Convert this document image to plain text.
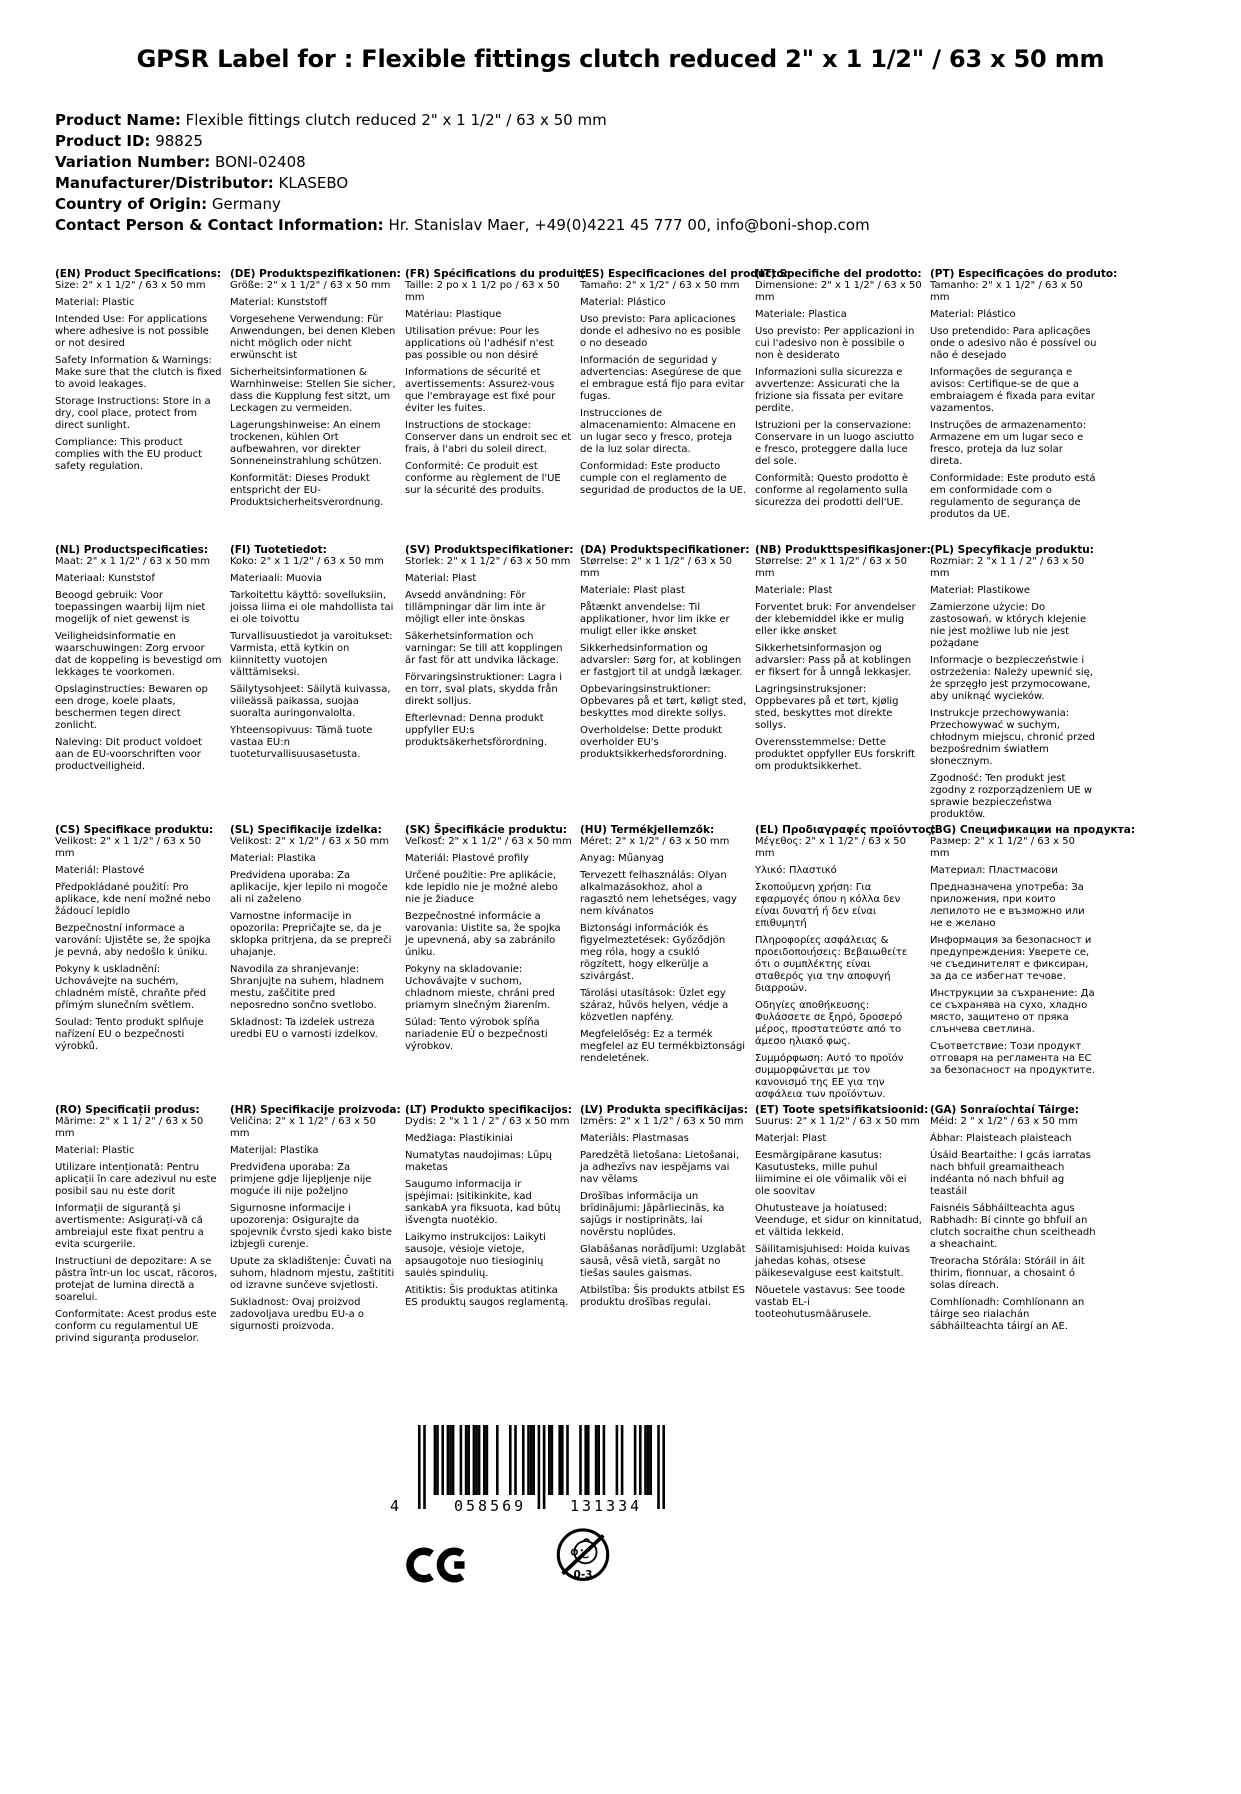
GPSR Label for : Flexible fittings clutch reduced 2" x 1 1/2" / 63 x 50 mm
Product Name: Flexible fittings clutch reduced 2" x 1 1/2" / 63 x 50 mm
Product ID: 98825
Variation Number: BONI-02408
Manufacturer/Distributor: KLASEBO
Country of Origin: Germany
Contact Person & Contact Information: Hr. Stanislav Maer, +49(0)4221 45 777 00, info@boni-shop.com
(EN) Product Specifications:
Size: 2" x 1 1/2" / 63 x 50 mm
Material: Plastic
Intended Use: For applications where adhesive is not possible or not desired
Safety Information & Warnings: Make sure that the clutch is fixed to avoid leakages.
Storage Instructions: Store in a dry, cool place, protect from direct sunlight.
Compliance: This product complies with the EU product safety regulation.
(DE) Produktspezifikationen:
Größe: 2" x 1 1/2" / 63 x 50 mm
Material: Kunststoff
Vorgesehene Verwendung: Für Anwendungen, bei denen Kleben nicht möglich oder nicht erwünscht ist
Sicherheitsinformationen & Warnhinweise: Stellen Sie sicher, dass die Kupplung fest sitzt, um Leckagen zu vermeiden.
Lagerungshinweise: An einem trockenen, kühlen Ort aufbewahren, vor direkter Sonneneinstrahlung schützen.
Konformität: Dieses Produkt entspricht der EU-Produktsicherheitsverordnung.
(FR) Spécifications du produit:
Taille: 2 po x 1 1/2 po / 63 x 50 mm
Matériau: Plastique
Utilisation prévue: Pour les applications où l'adhésif n'est pas possible ou non désiré
Informations de sécurité et avertissements: Assurez-vous que l'embrayage est fixé pour éviter les fuites.
Instructions de stockage: Conserver dans un endroit sec et frais, à l'abri du soleil direct.
Conformité: Ce produit est conforme au règlement de l'UE sur la sécurité des produits.
(ES) Especificaciones del producto:
Tamaño: 2" x 1/2" / 63 x 50 mm
Material: Plástico
Uso previsto: Para aplicaciones donde el adhesivo no es posible o no deseado
Información de seguridad y advertencias: Asegúrese de que el embrague está fijo para evitar fugas.
Instrucciones de almacenamiento: Almacene en un lugar seco y fresco, proteja de la luz solar directa.
Conformidad: Este producto cumple con el reglamento de seguridad de productos de la UE.
(IT) Specifiche del prodotto:
Dimensione: 2" x 1 1/2" / 63 x 50 mm
Materiale: Plastica
Uso previsto: Per applicazioni in cui l'adesivo non è possibile o non è desiderato
Informazioni sulla sicurezza e avvertenze: Assicurati che la frizione sia fissata per evitare perdite.
Istruzioni per la conservazione: Conservare in un luogo asciutto e fresco, proteggere dalla luce del sole.
Conformità: Questo prodotto è conforme al regolamento sulla sicurezza dei prodotti dell'UE.
(PT) Especificações do produto:
Tamanho: 2" x 1 1/2" / 63 x 50 mm
Material: Plástico
Uso pretendido: Para aplicações onde o adesivo não é possível ou não é desejado
Informações de segurança e avisos: Certifique-se de que a embraiagem é fixada para evitar vazamentos.
Instruções de armazenamento: Armazene em um lugar seco e fresco, proteja da luz solar direta.
Conformidade: Este produto está em conformidade com o regulamento de segurança de produtos da UE.
(NL) Productspecificaties:
Maat: 2" x 1 1/2" / 63 x 50 mm
Materiaal: Kunststof
Beoogd gebruik: Voor toepassingen waarbij lijm niet mogelijk of niet gewenst is
Veiligheidsinformatie en waarschuwingen: Zorg ervoor dat de koppeling is bevestigd om lekkages te voorkomen.
Opslaginstructies: Bewaren op een droge, koele plaats, beschermen tegen direct zonlicht.
Naleving: Dit product voldoet aan de EU-voorschriften voor productveiligheid.
(FI) Tuotetiedot:
Koko: 2" x 1 1/2" / 63 x 50 mm
Materiaali: Muovia
Tarkoitettu käyttö: sovelluksiin, joissa liima ei ole mahdollista tai ei ole toivottu
Turvallisuustiedot ja varoitukset: Varmista, että kytkin on kiinnitetty vuotojen välttämiseksi.
Säilytysohjeet: Säilytä kuivassa, viileässä paikassa, suojaa suoralta auringonvalolta.
Yhteensopivuus: Tämä tuote vastaa EU:n tuoteturvallisuusasetusta.
(SV) Produktspecifikationer:
Storlek: 2" x 1 1/2" / 63 x 50 mm
Material: Plast
Avsedd användning: För tillämpningar där lim inte är möjligt eller inte önskas
Säkerhetsinformation och varningar: Se till att kopplingen är fast för att undvika läckage.
Förvaringsinstruktioner: Lagra i en torr, sval plats, skydda från direkt solljus.
Efterlevnad: Denna produkt uppfyller EU:s produktsäkerhetsförordning.
(DA) Produktspecifikationer:
Størrelse: 2" x 1 1/2" / 63 x 50 mm
Materiale: Plast plast
Påtænkt anvendelse: Til applikationer, hvor lim ikke er muligt eller ikke ønsket
Sikkerhedsinformation og advarsler: Sørg for, at koblingen er fastgjort til at undgå lækager.
Opbevaringsinstruktioner: Opbevares på et tørt, køligt sted, beskyttes mod direkte sollys.
Overholdelse: Dette produkt overholder EU's produktsikkerhedsforordning.
(NB) Produkttspesifikasjoner:
Størrelse: 2" x 1 1/2" / 63 x 50 mm
Materiale: Plast
Forventet bruk: For anvendelser der klebemiddel ikke er mulig eller ikke ønsket
Sikkerhetsinformasjon og advarsler: Pass på at koblingen er fiksert for å unngå lekkasjer.
Lagringsinstruksjoner: Oppbevares på et tørt, kjølig sted, beskyttes mot direkte sollys.
Overensstemmelse: Dette produktet oppfyller EUs forskrift om produktsikkerhet.
(PL) Specyfikacje produktu:
Rozmiar: 2 "x 1 1 / 2" / 63 x 50 mm
Materiał: Plastikowe
Zamierzone użycie: Do zastosowań, w których klejenie nie jest możliwe lub nie jest pożądane
Informacje o bezpieczeństwie i ostrzeżenia: Należy upewnić się, że sprzęgło jest przymocowane, aby uniknąć wycieków.
Instrukcje przechowywania: Przechowywać w suchym, chłodnym miejscu, chronić przed bezpośrednim światłem słonecznym.
Zgodność: Ten produkt jest zgodny z rozporządzeniem UE w sprawie bezpieczeństwa produktów.
(CS) Specifikace produktu:
Velikost: 2" x 1 1/2" / 63 x 50 mm
Materiál: Plastové
Předpokládané použití: Pro aplikace, kde není možné nebo žádoucí lepidlo
Bezpečnostní informace a varování: Ujistěte se, že spojka je pevná, aby nedošlo k úniku.
Pokyny k uskladnění: Uchovávejte na suchém, chladném místě, chraňte před přímým slunečním světlem.
Soulad: Tento produkt splňuje nařízení EU o bezpečnosti výrobků.
(SL) Specifikacije izdelka:
Velikost: 2" x 1/2" / 63 x 50 mm
Material: Plastika
Predvidena uporaba: Za aplikacije, kjer lepilo ni mogoče ali ni zaželeno
Varnostne informacije in opozorila: Prepričajte se, da je sklopka pritrjena, da se prepreči uhajanje.
Navodila za shranjevanje: Shranjujte na suhem, hladnem mestu, zaščitite pred neposredno sončno svetlobo.
Skladnost: Ta izdelek ustreza uredbi EU o varnosti izdelkov.
(SK) Špecifikácie produktu:
Veľkosť: 2" x 1 1/2" / 63 x 50 mm
Materiál: Plastové profily
Určené použitie: Pre aplikácie, kde lepidlo nie je možné alebo nie je žiaduce
Bezpečnostné informácie a varovania: Uistite sa, že spojka je upevnená, aby sa zabránilo úniku.
Pokyny na skladovanie: Uchovávajte v suchom, chladnom mieste, chráni pred priamym slnečným žiarením.
Súlad: Tento výrobok spĺňa nariadenie EÚ o bezpečnosti výrobkov.
(HU) Termékjellemzők:
Méret: 2" x 1/2" / 63 x 50 mm
Anyag: Műanyag
Tervezett felhasználás: Olyan alkalmazásokhoz, ahol a ragasztó nem lehetséges, vagy nem kívánatos
Biztonsági információk és figyelmeztetések: Győződjön meg róla, hogy a csukló rögzített, hogy elkerülje a szivárgást.
Tárolási utasítások: Üzlet egy száraz, hűvös helyen, védje a közvetlen napfény.
Megfelelőség: Ez a termék megfelel az EU termékbiztonsági rendeletének.
(EL) Προδιαγραφές προϊόντος:
Μέγεθος: 2" x 1 1/2" / 63 x 50 mm
Υλικό: Πλαστικό
Σκοπούμενη χρήση: Για εφαρμογές όπου η κόλλα δεν είναι δυνατή ή δεν είναι επιθυμητή
Πληροφορίες ασφάλειας & προειδοποιήσεις: Βεβαιωθείτε ότι ο συμπλέκτης είναι σταθερός για την αποφυγή διαρροών.
Οδηγίες αποθήκευσης: Φυλάσσετε σε ξηρό, δροσερό μέρος, προστατεύστε από το άμεσο ηλιακό φως.
Συμμόρφωση: Αυτό το προϊόν συμμορφώνεται με τον κανονισμό της ΕΕ για την ασφάλεια των προϊόντων.
(BG) Спецификации на продукта:
Размер: 2" x 1 1/2" / 63 x 50 mm
Материал: Пластмасови
Предназначена употреба: За приложения, при които лепилото не е възможно или не е желано
Информация за безопасност и предупреждения: Уверете се, че съединителят е фиксиран, за да се избегнат течове.
Инструкции за съхранение: Да се съхранява на сухо, хладно място, защитено от пряка слънчева светлина.
Съответствие: Този продукт отговаря на регламента на ЕС за безопасност на продуктите.
(RO) Specificații produs:
Mărime: 2" x 1 1/ 2" / 63 x 50 mm
Material: Plastic
Utilizare intenționată: Pentru aplicații în care adezivul nu este posibil sau nu este dorit
Informații de siguranță și avertismente: Asigurați-vă că ambreiajul este fixat pentru a evita scurgerile.
Instructiuni de depozitare: A se păstra într-un loc uscat, răcoros, protejat de lumina directă a soarelui.
Conformitate: Acest produs este conform cu regulamentul UE privind siguranța produselor.
(HR) Specifikacije proizvoda:
Veličina: 2" x 1 1/2" / 63 x 50 mm
Materijal: Plastika
Predviđena uporaba: Za primjene gdje lijepljenje nije moguće ili nije poželjno
Sigurnosne informacije i upozorenja: Osigurajte da spojevnik čvrsto sjedi kako biste izbjegli curenje.
Upute za skladištenje: Čuvati na suhom, hladnom mjestu, zaštititi od izravne sunčeve svjetlosti.
Sukladnost: Ovaj proizvod zadovoljava uredbu EU-a o sigurnosti proizvoda.
(LT) Produkto specifikacijos:
Dydis: 2 "x 1 1 / 2" / 63 x 50 mm
Medžiaga: Plastikiniai
Numatytas naudojimas: Lūpų maketas
Saugumo informacija ir įspėjimai: Įsitikinkite, kad sankabA yra fiksuota, kad būtų išvengta nuotėkio.
Laikymo instrukcijos: Laikyti sausoje, vėsioje vietoje, apsaugotoje nuo tiesioginių saulės spindulių.
Atitiktis: Šis produktas atitinka ES produktų saugos reglamentą.
(LV) Produkta specifikācijas:
Izmērs: 2" x 1 1/2" / 63 x 50 mm
Materiāls: Plastmasas
Paredzētā lietošana: Lietošanai, ja adhezīvs nav iespējams vai nav vēlams
Drošības informācija un brīdinājumi: Jāpārliecinās, ka sajūgs ir nostiprināts, lai novērstu noplūdes.
Glabāšanas norādījumi: Uzglabāt sausā, vēsā vietā, sargāt no tiešas saules gaismas.
Atbilstība: Šis produkts atbilst ES produktu drošības regulai.
(ET) Toote spetsifikatsioonid:
Suurus: 2" x 1 1/2" / 63 x 50 mm
Materjal: Plast
Eesmärgipärane kasutus: Kasutusteks, mille puhul liimimine ei ole võimalik või ei ole soovitav
Ohutusteave ja hoiatused: Veenduge, et sidur on kinnitatud, et vältida lekkeid.
Säilitamisjuhised: Hoida kuivas jahedas kohas, otsese päikesevalguse eest kaitstult.
Nõuetele vastavus: See toode vastab EL-i tooteohutusmäärusele.
(GA) Sonraíochtaí Táirge:
Méid: 2 " x 1/2" / 63 x 50 mm
Ábhar: Plaisteach plaisteach
Úsáid Beartaithe: I gcás iarratas nach bhfuil greamaitheach indéanta nó nach bhfuil ag teastáil
Faisnéis Sábháilteachta agus Rabhadh: Bí cinnte go bhfuil an clutch socraithe chun sceitheadh a sheachaint.
Treoracha Stórála: Stóráil in áit thirim, fionnuar, a chosaint ó solas díreach.
Comhlíonadh: Comhlíonann an táirge seo rialachán sábháilteachta táirgí an AE.
4	058569	131334
0-3
